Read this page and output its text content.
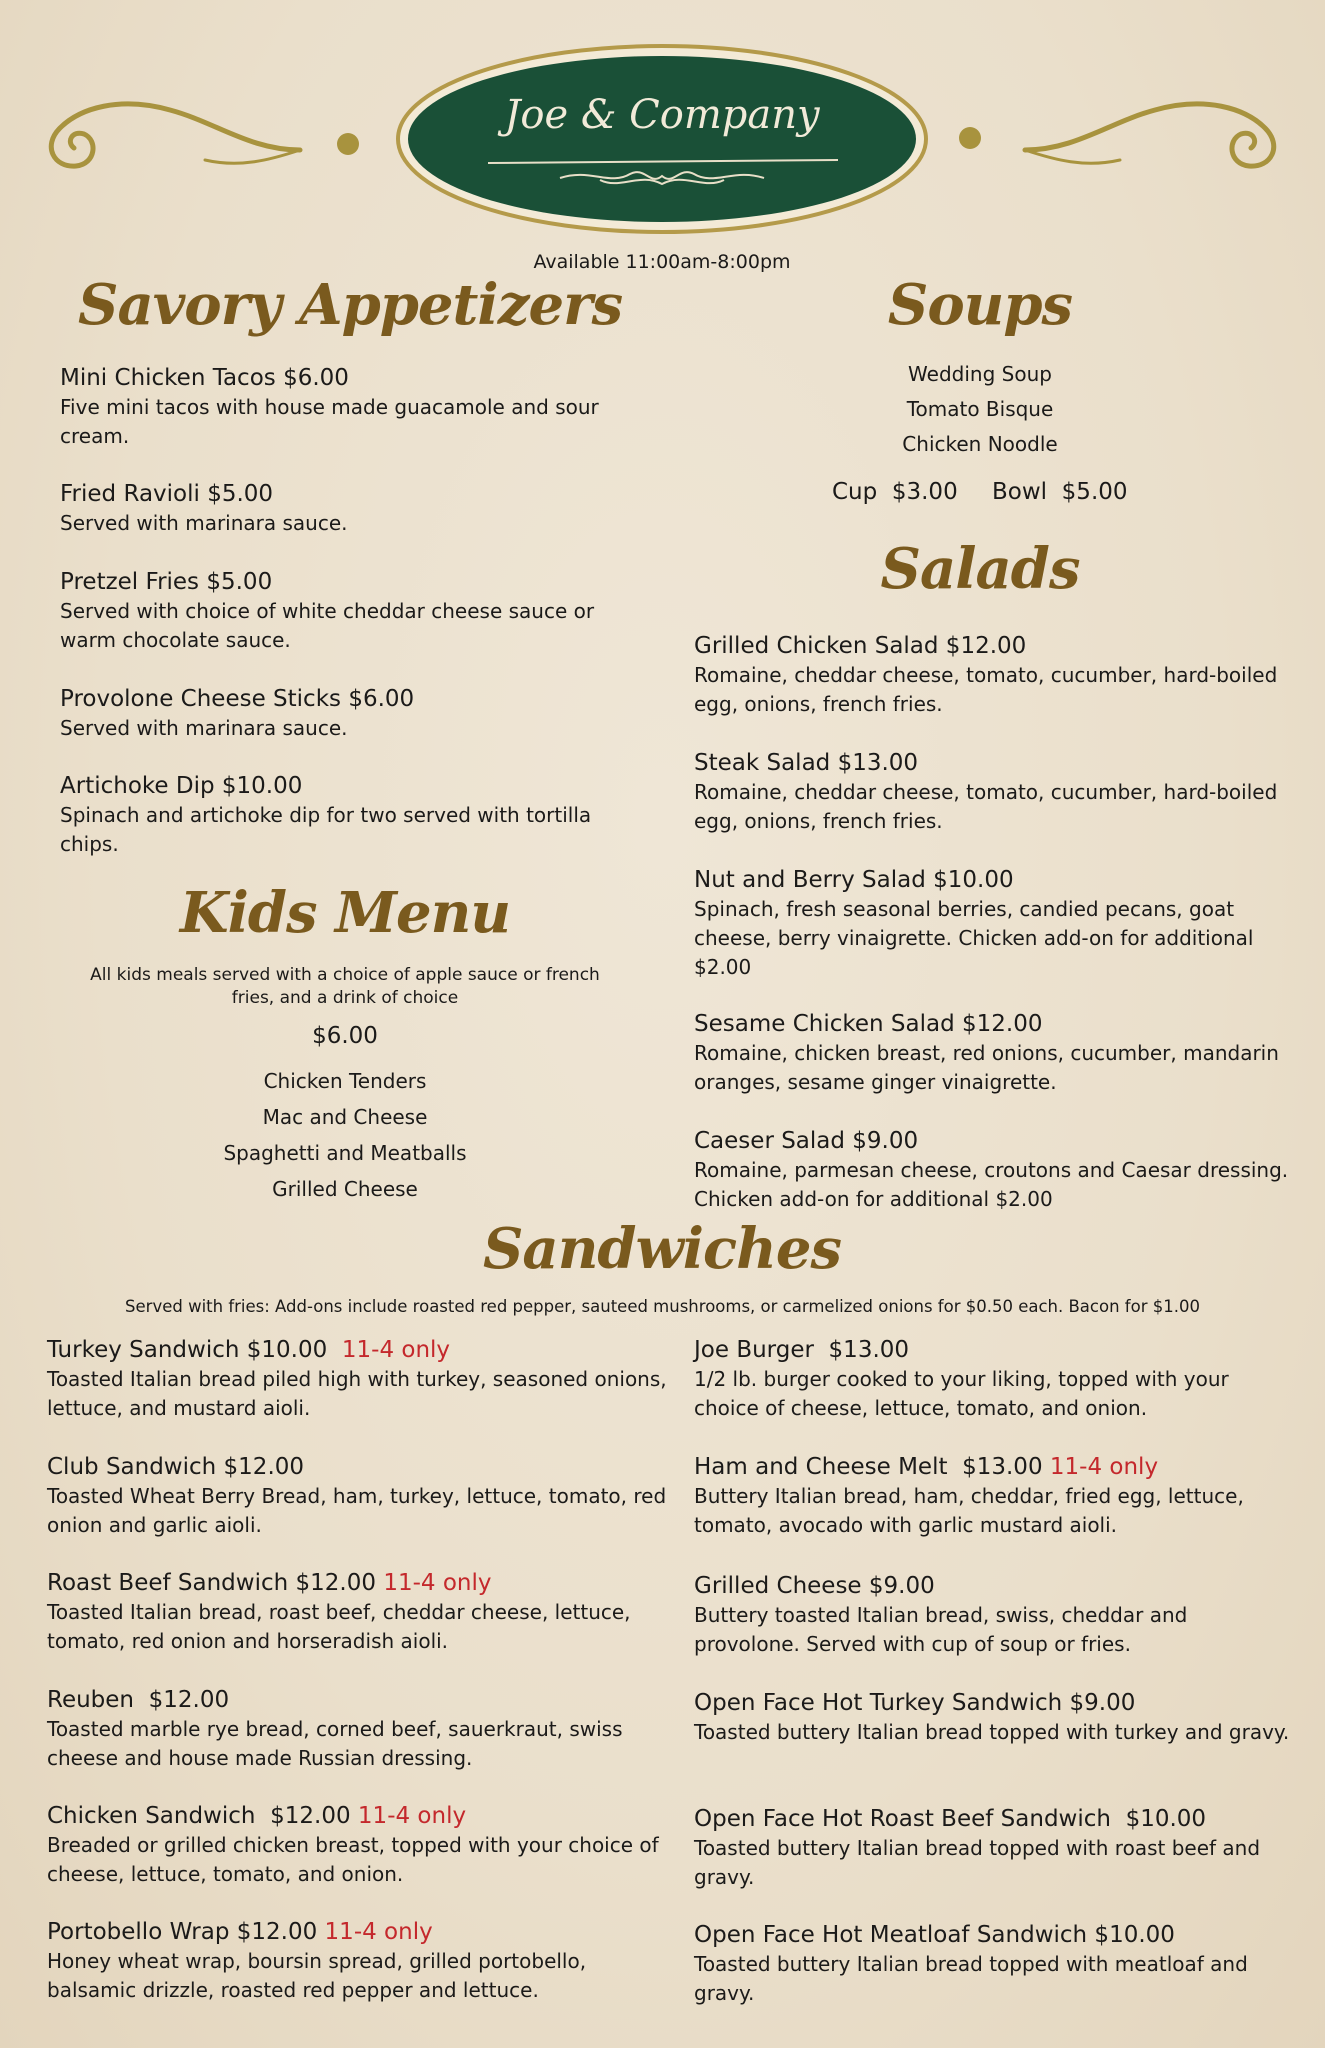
Joe & Company
Available 11:00am-8:00pm
Savory Appetizers
Mini Chicken Tacos $6.00
Five mini tacos with house made guacamole and sour cream.
Fried Ravioli $5.00
Served with marinara sauce.
Pretzel Fries $5.00
Served with choice of white cheddar cheese sauce or warm chocolate sauce.
Provolone Cheese Sticks $6.00
Served with marinara sauce.
Artichoke Dip $10.00
Spinach and artichoke dip for two served with tortilla chips.
Kids Menu
All kids meals served with a choice of apple sauce or french fries, and a drink of choice
$6.00
Chicken Tenders
Mac and Cheese
Spaghetti and Meatballs
Grilled Cheese
Soups
Wedding Soup
Tomato Bisque
Chicken Noodle
Cup  $3.00 Bowl  $5.00
Salads
Grilled Chicken Salad $12.00
Romaine, cheddar cheese, tomato, cucumber, hard-boiled egg, onions, french fries.
Steak Salad $13.00
Romaine, cheddar cheese, tomato, cucumber, hard-boiled egg, onions, french fries.
Nut and Berry Salad $10.00
Spinach, fresh seasonal berries, candied pecans, goat cheese, berry vinaigrette. Chicken add-on for additional $2.00
Sesame Chicken Salad $12.00
Romaine, chicken breast, red onions, cucumber, mandarin oranges, sesame ginger vinaigrette.
Caeser Salad $9.00
Romaine, parmesan cheese, croutons and Caesar dressing. Chicken add-on for additional $2.00
Sandwiches
Served with fries: Add-ons include roasted red pepper, sauteed mushrooms, or carmelized onions for $0.50 each. Bacon for $1.00
Turkey Sandwich $10.00 11-4 only
Toasted Italian bread piled high with turkey, seasoned onions, lettuce, and mustard aioli.
Club Sandwich $12.00
Toasted Wheat Berry Bread, ham, turkey, lettuce, tomato, red onion and garlic aioli.
Roast Beef Sandwich $12.00 11-4 only
Toasted Italian bread, roast beef, cheddar cheese, lettuce, tomato, red onion and horseradish aioli.
Reuben  $12.00
Toasted marble rye bread, corned beef, sauerkraut, swiss cheese and house made Russian dressing.
Chicken Sandwich  $12.00 11-4 only
Breaded or grilled chicken breast, topped with your choice of cheese, lettuce, tomato, and onion.
Portobello Wrap $12.00 11-4 only
Honey wheat wrap, boursin spread, grilled portobello, balsamic drizzle, roasted red pepper and lettuce.
Joe Burger  $13.00
1/2 lb. burger cooked to your liking, topped with your choice of cheese, lettuce, tomato, and onion.
Ham and Cheese Melt  $13.00 11-4 only
Buttery Italian bread, ham, cheddar, fried egg, lettuce, tomato, avocado with garlic mustard aioli.
Grilled Cheese $9.00
Buttery toasted Italian bread, swiss, cheddar and provolone. Served with cup of soup or fries.
Open Face Hot Turkey Sandwich $9.00
Toasted buttery Italian bread topped with turkey and gravy.
Open Face Hot Roast Beef Sandwich  $10.00
Toasted buttery Italian bread topped with roast beef and gravy.
Open Face Hot Meatloaf Sandwich $10.00
Toasted buttery Italian bread topped with meatloaf and gravy.
